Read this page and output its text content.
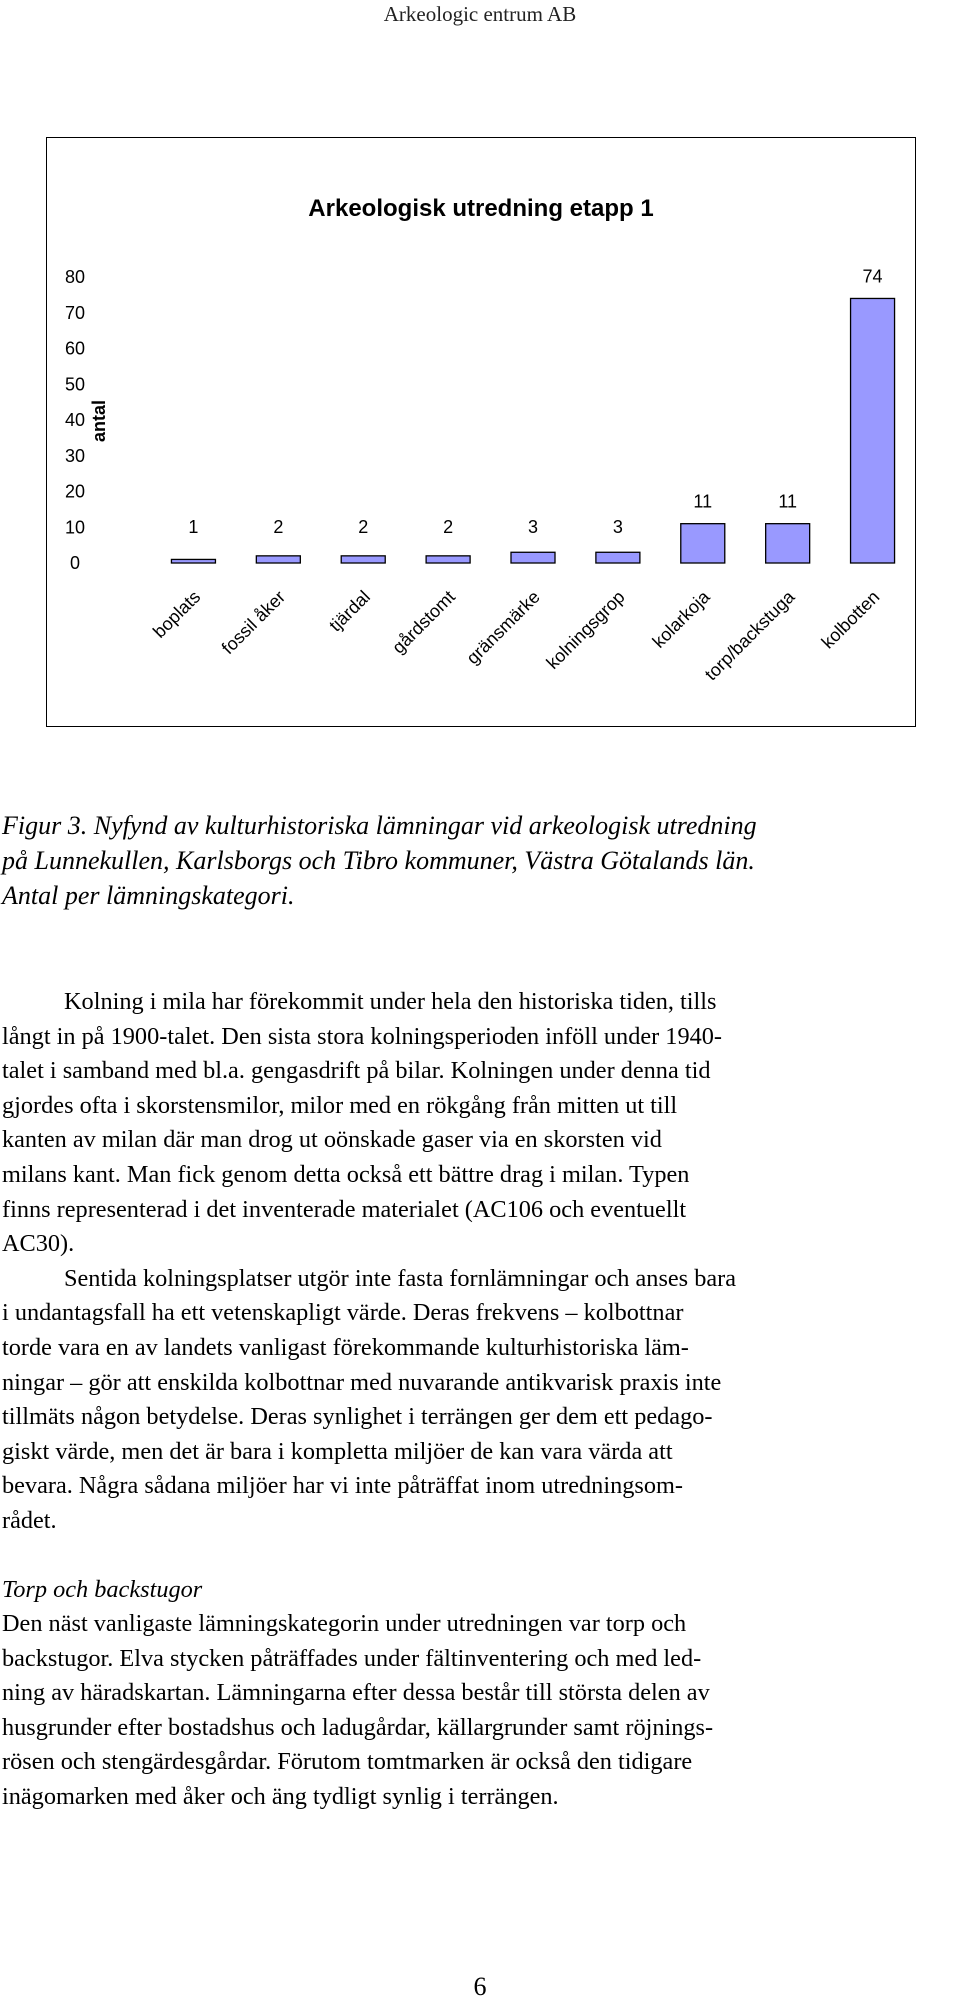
Arkeologic entrum AB
Arkeologisk utredning etapp 1
antal
0
10
20
30
40
50
60
70
80
1	2	2	2	3	3
11	11
74
boplats fossil åker tjärdal gårdstomt gränsmärke
kolningsgrop kolarkoja
torp/backstuga kolbotten

Figur 3. Nyfynd av kulturhistoriska lämningar vid arkeologisk utredning

på Lunnekullen, Karlsborgs och Tibro kommuner, Västra Götalands län.

Antal per lämningskategori.

Kolning i mila har förekommit under hela den historiska tiden, tills
långt in på 1900-talet. Den sista stora kolningsperioden inföll under 1940-
talet i samband med bl.a. gengasdrift på bilar. Kolningen under denna tid
gjordes ofta i skorstensmilor, milor med en rökgång från mitten ut till
kanten av milan där man drog ut oönskade gaser via en skorsten vid
milans kant. Man fick genom detta också ett bättre drag i milan. Typen
finns representerad i det inventerade materialet (AC106 och eventuellt
AC30).
Sentida kolningsplatser utgör inte fasta fornlämningar och anses bara
i undantagsfall ha ett vetenskapligt värde. Deras frekvens – kolbottnar
torde vara en av landets vanligast förekommande kulturhistoriska läm-
ningar – gör att enskilda kolbottnar med nuvarande antikvarisk praxis inte
tillmäts någon betydelse. Deras synlighet i terrängen ger dem ett pedago-
giskt värde, men det är bara i kompletta miljöer de kan vara värda att
bevara. Några sådana miljöer har vi inte påträffat inom utredningsom-
rådet.
Torp och backstugor
Den näst vanligaste lämningskategorin under utredningen var torp och
backstugor. Elva stycken påträffades under fältinventering och med led-
ning av häradskartan. Lämningarna efter dessa består till största delen av
husgrunder efter bostadshus och ladugårdar, källargrunder samt röjnings-
rösen och stengärdesgårdar. Förutom tomtmarken är också den tidigare
inägomarken med åker och äng tydligt synlig i terrängen.
6
